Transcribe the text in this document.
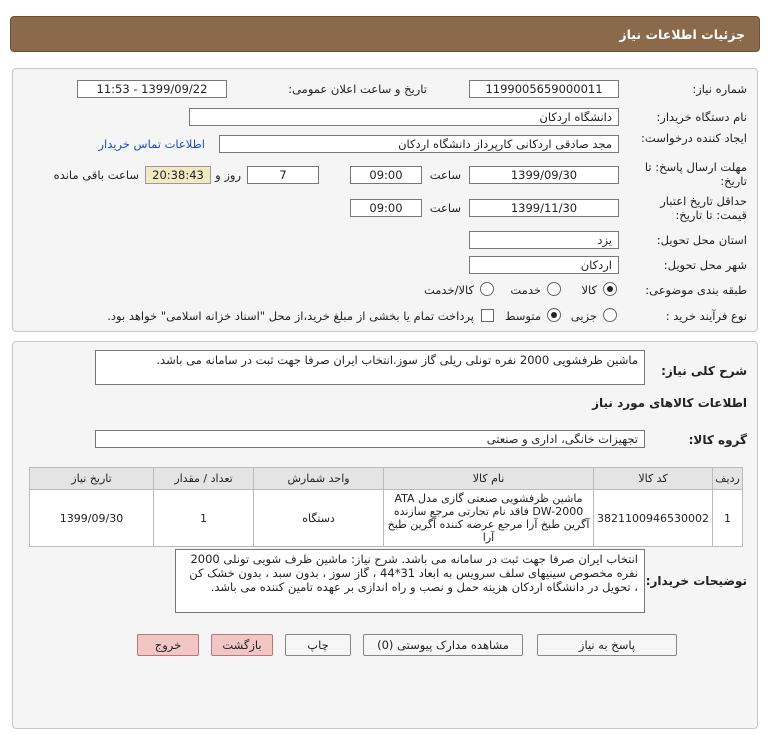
جزئیات اطلاعات نیاز
شماره نیاز:
1199005659000011
تاریخ و ساعت اعلان عمومی:
1399/09/22 - 11:53
نام دستگاه خریدار:
دانشگاه اردکان
ایجاد کننده درخواست:
مجد صادقی اردکانی کارپرداز دانشگاه اردکان
اطلاعات تماس خریدار
مهلت ارسال پاسخ: تا تاریخ:
1399/09/30
ساعت
09:00
7
روز و
20:38:43
ساعت باقی مانده
حداقل تاریخ اعتبار قیمت: تا تاریخ:
1399/11/30
ساعت
09:00
استان محل تحویل:
یزد
شهر محل تحویل:
اردکان
طبقه بندی موضوعی:
کالا
خدمت
کالا/خدمت
نوع فرآیند خرید :
جزیی
متوسط
پرداخت تمام یا بخشی از مبلغ خرید،از محل "اسناد خزانه اسلامی" خواهد بود.
شرح کلی نیاز:
ماشین ظرفشویی 2000 نفره تونلی ریلی گاز سوز.انتخاب ایران صرفا جهت ثبت در سامانه می باشد.
اطلاعات کالاهای مورد نیاز
گروه کالا:
تجهیزات خانگی، اداری و صنعتی
ردیف	کد کالا	نام کالا	واحد شمارش	تعداد / مقدار	تاریخ نیاز
1	3821100946530002	ماشین ظرفشویی صنعتی گازی مدل ATA DW-2000 فاقد نام تجارتی مرجع سازنده آگرین طبخ آرا مرجع عرضه کننده آگرین طبخ آرا	دستگاه	1	1399/09/30
توضیحات خریدار:
انتخاب ایران صرفا جهت ثبت در سامانه می باشد. شرح نیاز: ماشین ظرف شویی تونلی 2000 نفره مخصوص سینیهای سلف سرویس به ابعاد 31*44 ، گاز سوز ، بدون سبد ، بدون خشک کن ، تحویل در دانشگاه اردکان هزینه حمل و نصب و راه اندازی بر عهده تامین کننده می باشد.
پاسخ به نیاز
مشاهده مدارک پیوستی (0)
چاپ
بازگشت
خروج
